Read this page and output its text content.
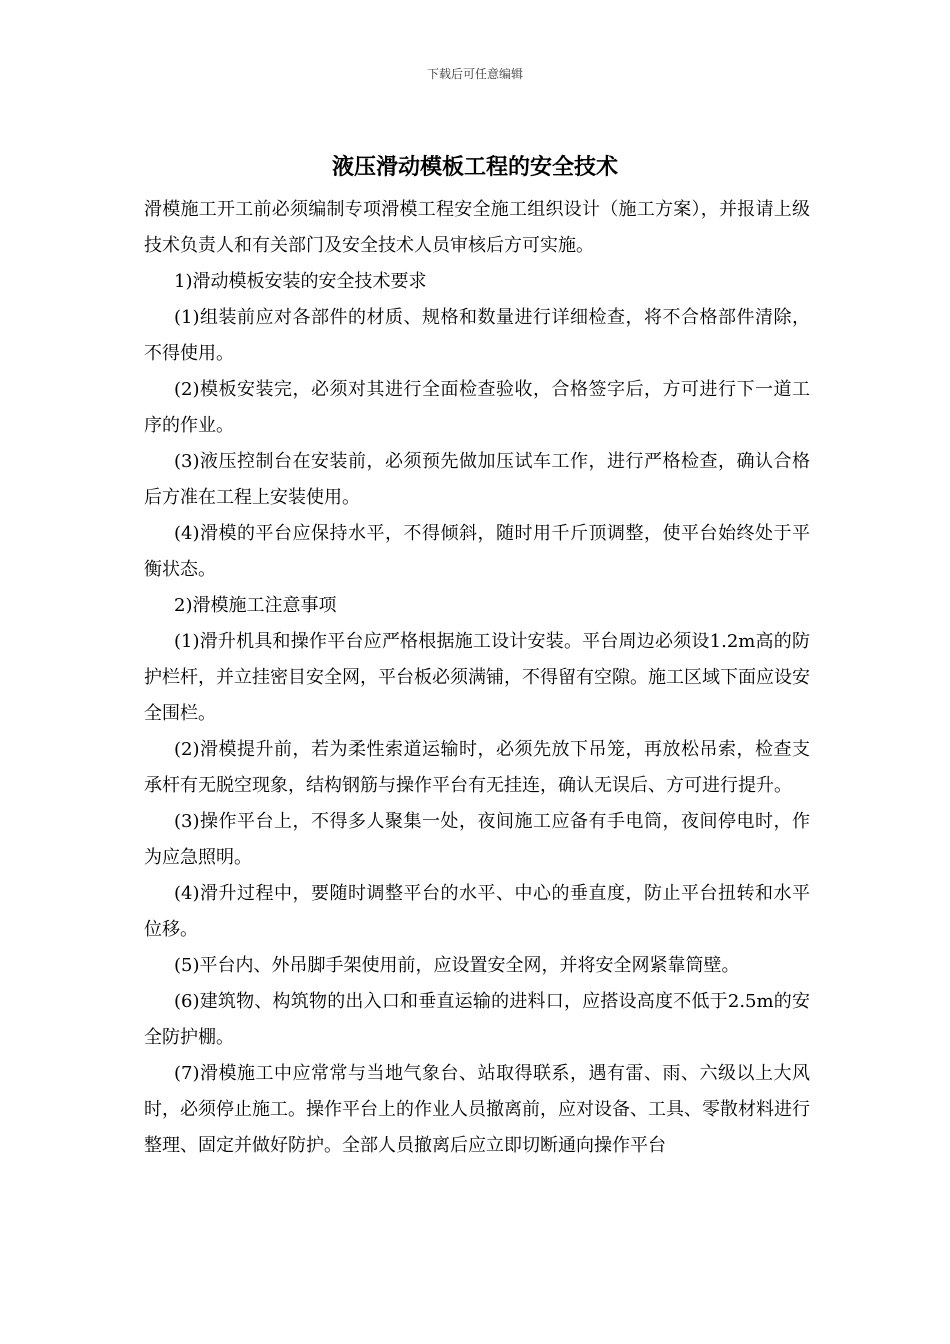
下载后可任意编辑
液压滑动模板工程的安全技术

滑模施工开工前必须编制专项滑模工程安全施工组织设计（施工方案），并报请上级技术负责人和有关部门及安全技术人员审核后方可实施。

1)滑动模板安装的安全技术要求

(1)组装前应对各部件的材质、规格和数量进行详细检查，将不合格部件清除，不得使用。

(2)模板安装完，必须对其进行全面检查验收，合格签字后，方可进行下一道工序的作业。

(3)液压控制台在安装前，必须预先做加压试车工作，进行严格检查，确认合格后方准在工程上安装使用。

(4)滑模的平台应保持水平，不得倾斜，随时用千斤顶调整，使平台始终处于平衡状态。

2)滑模施工注意事项

(1)滑升机具和操作平台应严格根据施工设计安装。平台周边必须设1.2m高的防护栏杆，并立挂密目安全网，平台板必须满铺，不得留有空隙。施工区域下面应设安全围栏。

(2)滑模提升前，若为柔性索道运输时，必须先放下吊笼，再放松吊索，检查支承杆有无脱空现象，结构钢筋与操作平台有无挂连，确认无误后、方可进行提升。

(3)操作平台上，不得多人聚集一处，夜间施工应备有手电筒，夜间停电时，作为应急照明。

(4)滑升过程中，要随时调整平台的水平、中心的垂直度，防止平台扭转和水平位移。

(5)平台内、外吊脚手架使用前，应设置安全网，并将安全网紧靠筒壁。

(6)建筑物、构筑物的出入口和垂直运输的进料口，应搭设高度不低于2.5m的安全防护棚。

(7)滑模施工中应常常与当地气象台、站取得联系，遇有雷、雨、六级以上大风时，必须停止施工。操作平台上的作业人员撤离前，应对设备、工具、零散材料进行整理、固定并做好防护。全部人员撤离后应立即切断通向操作平台
